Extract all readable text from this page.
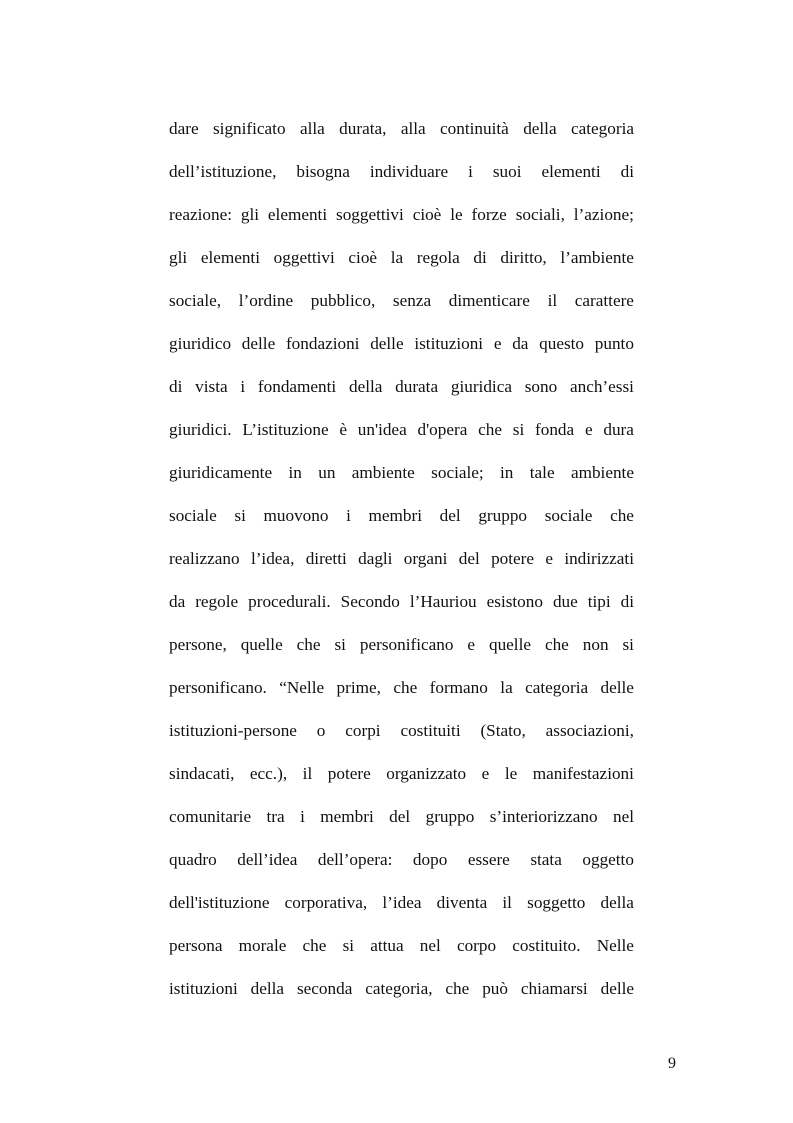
dare significato alla durata, alla continuità della categoria
dell’istituzione, bisogna individuare i suoi elementi di
reazione: gli elementi soggettivi cioè le forze sociali, l’azione;
gli elementi oggettivi cioè la regola di diritto, l’ambiente
sociale, l’ordine pubblico, senza dimenticare il carattere
giuridico delle fondazioni delle istituzioni e da questo punto
di vista i fondamenti della durata giuridica sono anch’essi
giuridici. L’istituzione è un'idea d'opera che si fonda e dura
giuridicamente in un ambiente sociale; in tale ambiente
sociale si muovono i membri del gruppo sociale che
realizzano l’idea, diretti dagli organi del potere e indirizzati
da regole procedurali. Secondo l’Hauriou esistono due tipi di
persone, quelle che si personificano e quelle che non si
personificano. “Nelle prime, che formano la categoria delle
istituzioni-persone o corpi costituiti (Stato, associazioni,
sindacati, ecc.), il potere organizzato e le manifestazioni
comunitarie tra i membri del gruppo s’interiorizzano nel
quadro dell’idea dell’opera: dopo essere stata oggetto
dell'istituzione corporativa, l’idea diventa il soggetto della
persona morale che si attua nel corpo costituito. Nelle
istituzioni della seconda categoria, che può chiamarsi delle
9
